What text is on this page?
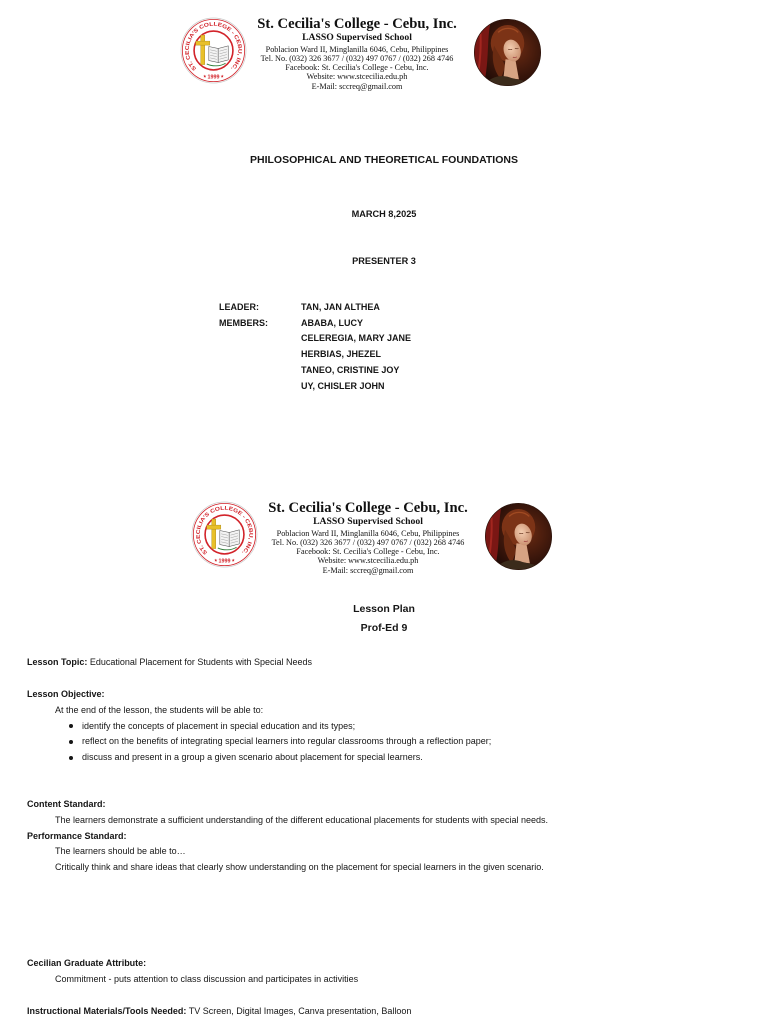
ST. CECILIA'S COLLEGE - CEBU, INC.
1999
St. Cecilia's College - Cebu, Inc.
LASSO Supervised School
Poblacion Ward II, Minglanilla 6046, Cebu, Philippines
Tel. No. (032) 326 3677 / (032) 497 0767 / (032) 268 4746
Facebook: St. Cecilia's College - Cebu, Inc.
Website: www.stcecilia.edu.ph
E-Mail: sccreq@gmail.com
PHILOSOPHICAL AND THEORETICAL FOUNDATIONS
MARCH 8,2025
PRESENTER 3
LEADER:	TAN, JAN ALTHEA
MEMBERS:	ABABA, LUCY
CELEREGIA, MARY JANE
HERBIAS, JHEZEL
TANEO, CRISTINE JOY
UY, CHISLER JOHN
ST. CECILIA'S COLLEGE - CEBU, INC.
1999
St. Cecilia's College - Cebu, Inc.
LASSO Supervised School
Poblacion Ward II, Minglanilla 6046, Cebu, Philippines
Tel. No. (032) 326 3677 / (032) 497 0767 / (032) 268 4746
Facebook: St. Cecilia's College - Cebu, Inc.
Website: www.stcecilia.edu.ph
E-Mail: sccreq@gmail.com
Lesson Plan
Prof-Ed 9
Lesson Topic: Educational Placement for Students with Special Needs
Lesson Objective:
At the end of the lesson, the students will be able to:
identify the concepts of placement in special education and its types;
reflect on the benefits of integrating special learners into regular classrooms through a reflection paper;
discuss and present in a group a given scenario about placement for special learners.
Content Standard:
The learners demonstrate a sufficient understanding of the different educational placements for students with special needs.
Performance Standard:
The learners should be able to…
Critically think and share ideas that clearly show understanding on the placement for special learners in the given scenario.
Cecilian Graduate Attribute:
Commitment - puts attention to class discussion and participates in activities
Instructional Materials/Tools Needed: TV Screen, Digital Images, Canva presentation, Balloon
